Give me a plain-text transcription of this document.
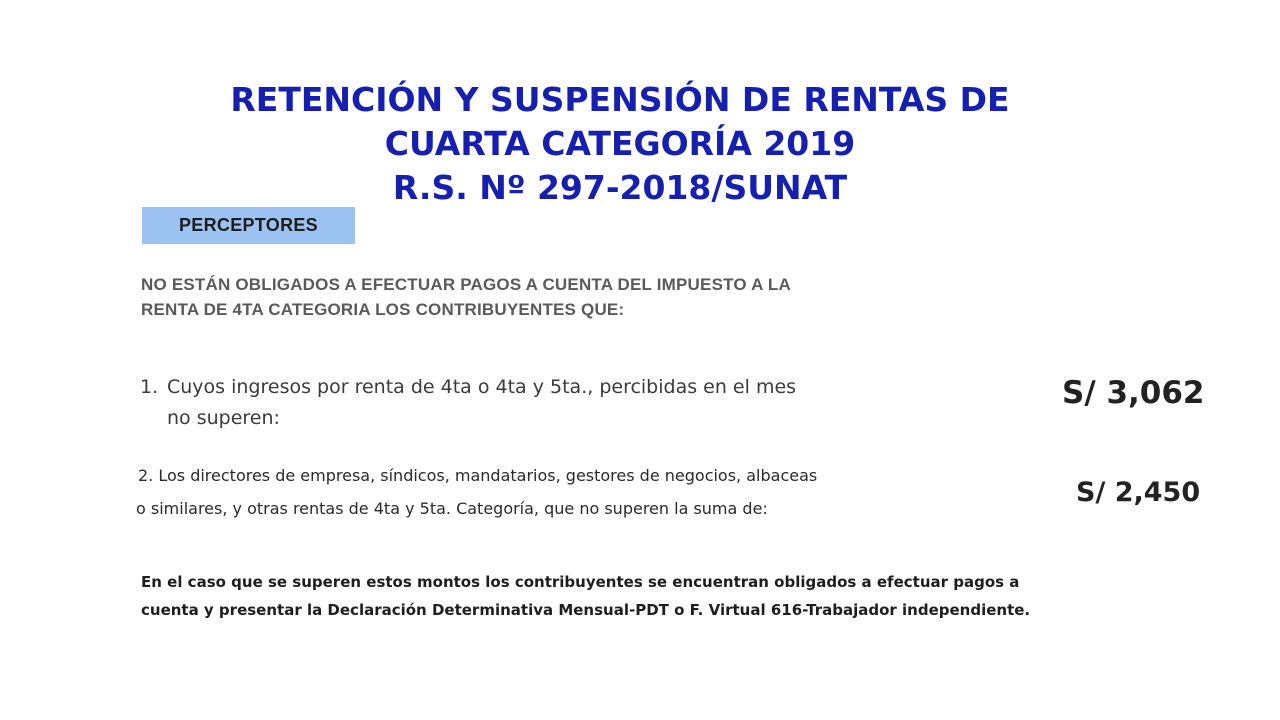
RETENCIÓN Y SUSPENSIÓN DE RENTAS DE
CUARTA CATEGORÍA 2019
R.S. Nº 297-2018/SUNAT
PERCEPTORES
NO ESTÁN OBLIGADOS A EFECTUAR PAGOS A CUENTA DEL IMPUESTO A LA
RENTA DE 4TA CATEGORIA LOS CONTRIBUYENTES QUE:
1. Cuyos ingresos por renta de 4ta o 4ta y 5ta., percibidas en el mes
no superen:
S/ 3,062
2. Los directores de empresa, síndicos, mandatarios, gestores de negocios, albaceas
o similares, y otras rentas de 4ta y 5ta. Categoría, que no superen la suma de:
S/ 2,450
En el caso que se superen estos montos los contribuyentes se encuentran obligados a efectuar pagos a
cuenta y presentar la Declaración Determinativa Mensual-PDT o F. Virtual 616-Trabajador independiente.
